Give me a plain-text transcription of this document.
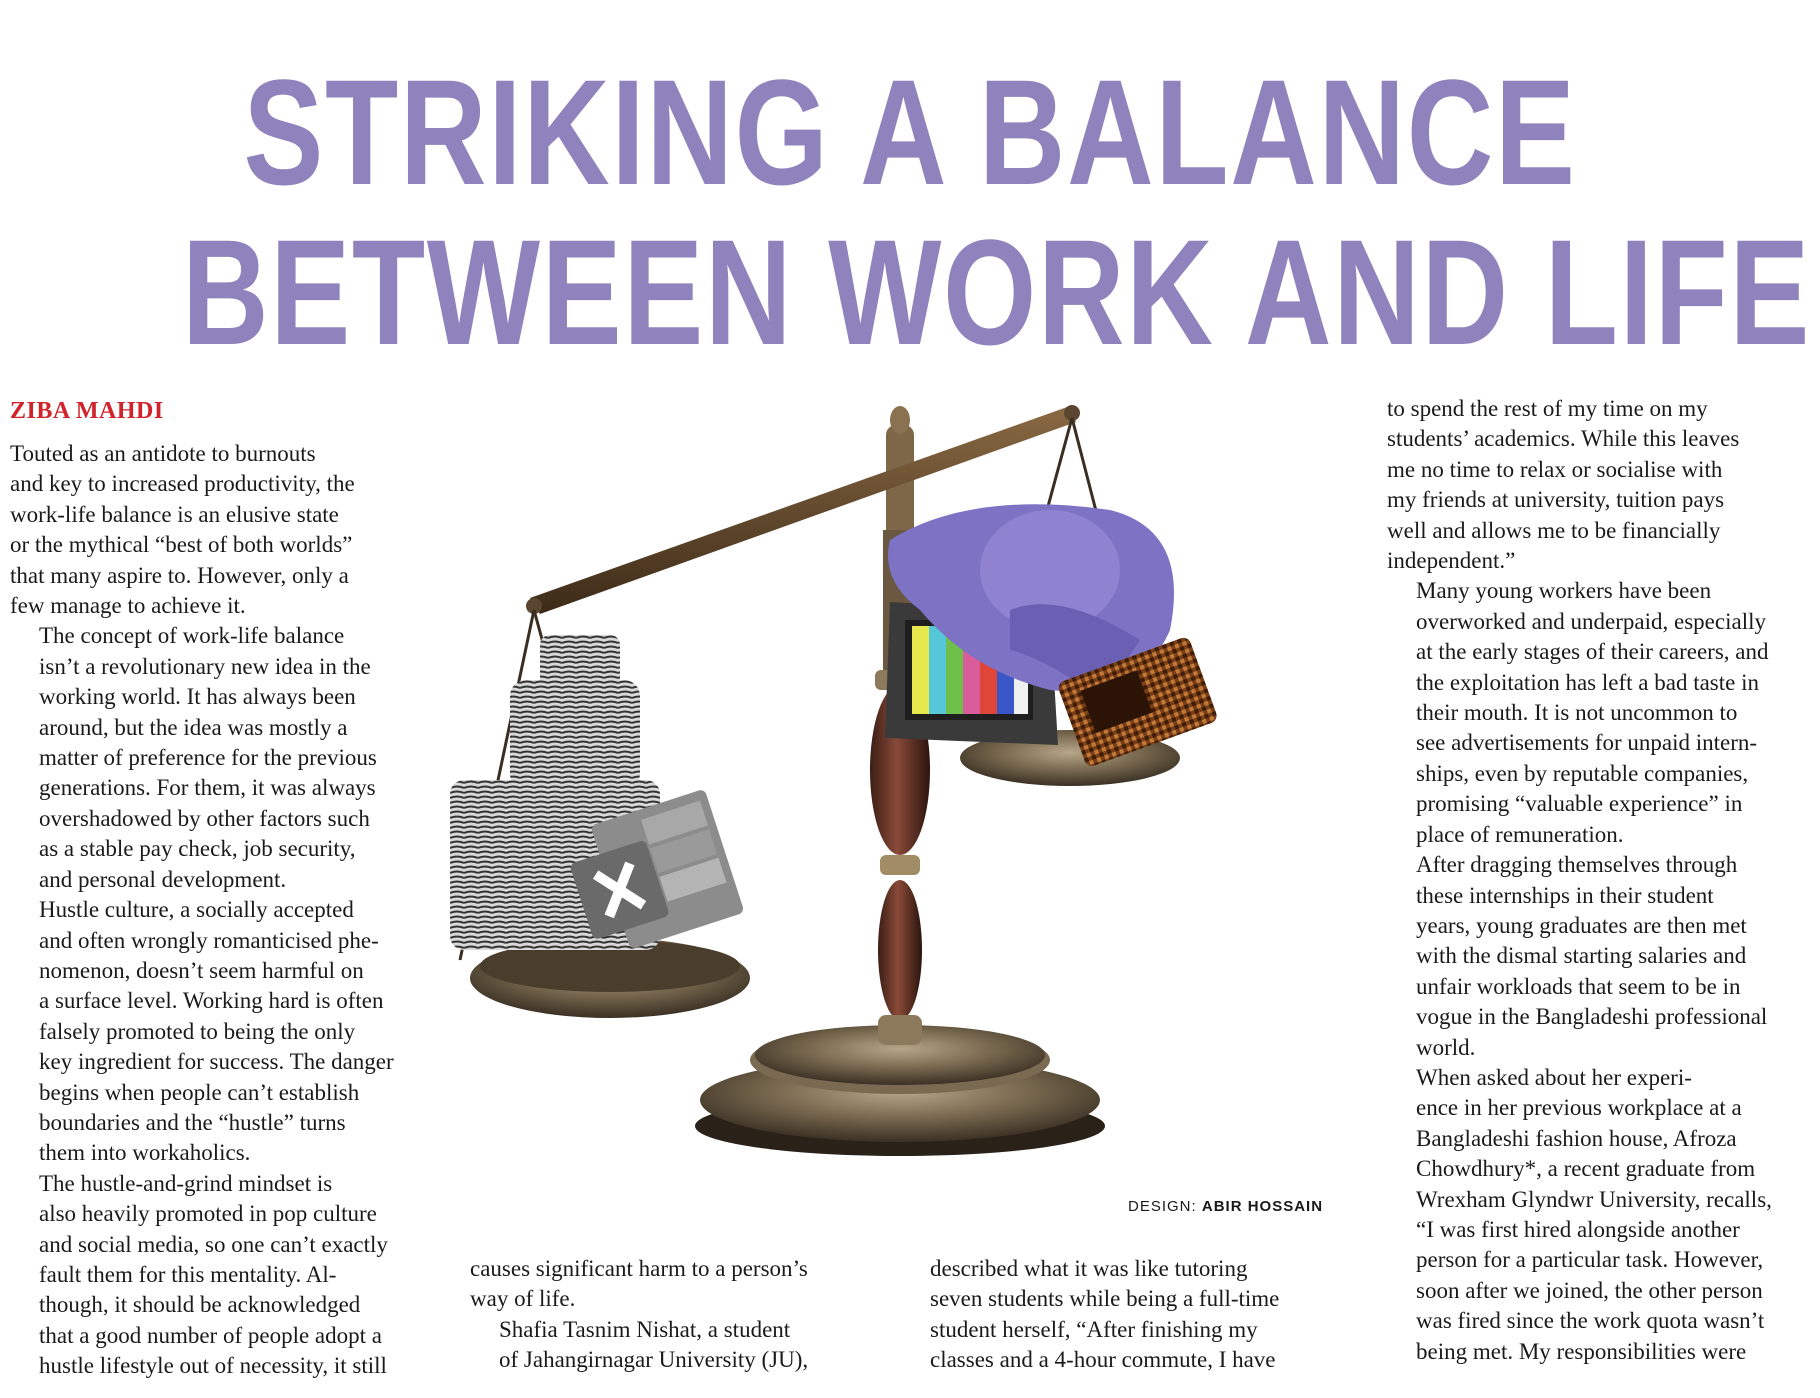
STRIKING A BALANCE
BETWEEN WORK AND LIFE
ZIBA MAHDI

Touted as an antidote to burnouts
and key to increased productivity, the
work-life balance is an elusive state
or the mythical “best of both worlds”
that many aspire to. However, only a
few manage to achieve it.

The concept of work-life balance
isn’t a revolutionary new idea in the
working world. It has always been
around, but the idea was mostly a
matter of preference for the previous
generations. For them, it was always
overshadowed by other factors such
as a stable pay check, job security,
and personal development.

Hustle culture, a socially accepted
and often wrongly romanticised phe-
nomenon, doesn’t seem harmful on
a surface level. Working hard is often
falsely promoted to being the only
key ingredient for success. The danger
begins when people can’t establish
boundaries and the “hustle” turns
them into workaholics.

The hustle-and-grind mindset is
also heavily promoted in pop culture
and social media, so one can’t exactly
fault them for this mentality. Al-
though, it should be acknowledged
that a good number of people adopt a
hustle lifestyle out of necessity, it still

causes significant harm to a person’s
way of life.

Shafia Tasnim Nishat, a student
of Jahangirnagar University (JU),

described what it was like tutoring
seven students while being a full-time
student herself, “After finishing my
classes and a 4-hour commute, I have

to spend the rest of my time on my
students’ academics. While this leaves
me no time to relax or socialise with
my friends at university, tuition pays
well and allows me to be financially
independent.”

Many young workers have been
overworked and underpaid, especially
at the early stages of their careers, and
the exploitation has left a bad taste in
their mouth. It is not uncommon to
see advertisements for unpaid intern-
ships, even by reputable companies,
promising “valuable experience” in
place of remuneration.

After dragging themselves through
these internships in their student
years, young graduates are then met
with the dismal starting salaries and
unfair workloads that seem to be in
vogue in the Bangladeshi professional
world.

When asked about her experi-
ence in her previous workplace at a
Bangladeshi fashion house, Afroza
Chowdhury*, a recent graduate from
Wrexham Glyndwr University, recalls,
“I was first hired alongside another
person for a particular task. However,
soon after we joined, the other person
was fired since the work quota wasn’t
being met. My responsibilities were

DESIGN: ABIR HOSSAIN
